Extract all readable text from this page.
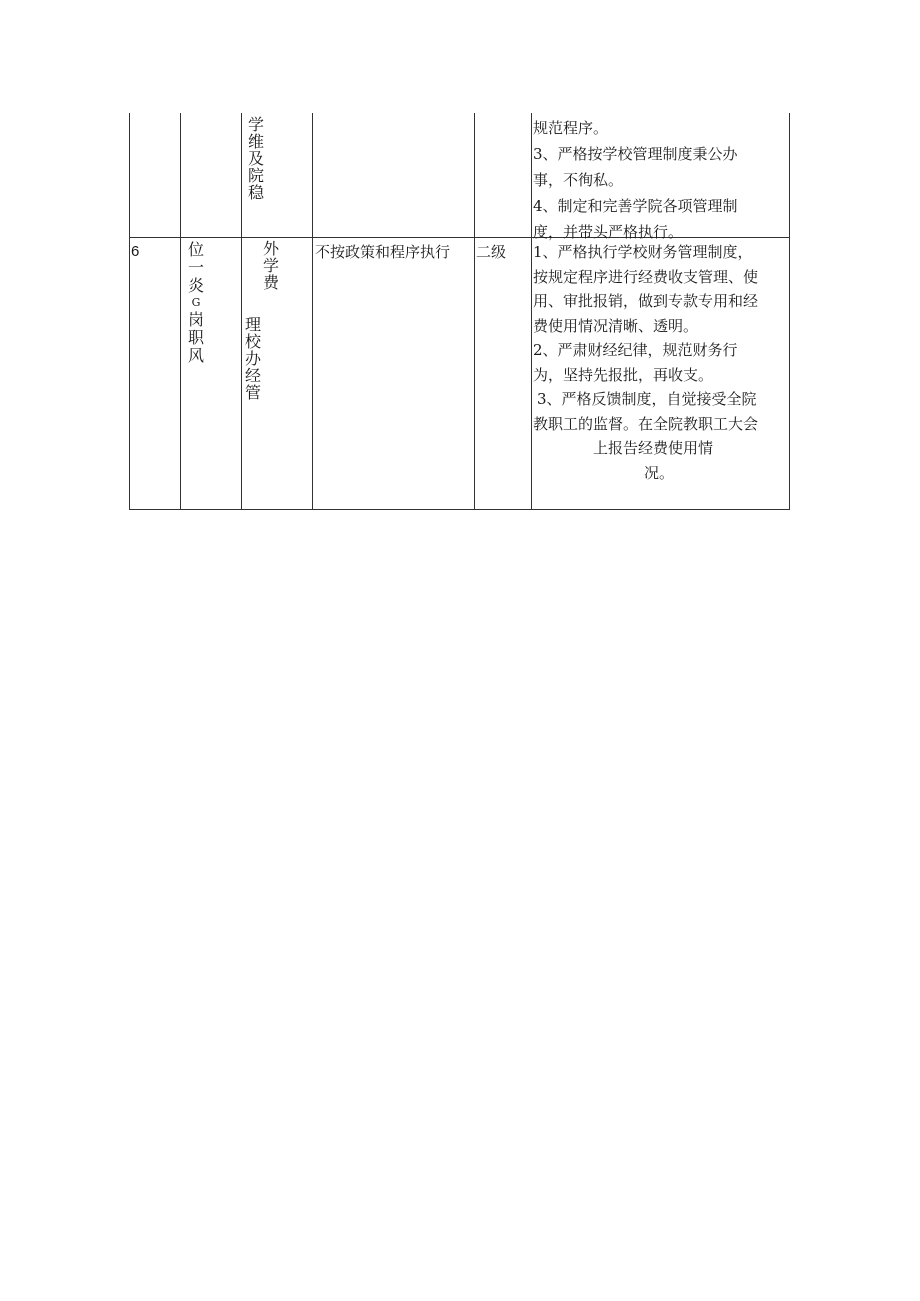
学
维
及
院
稳
规范程序。
3、严格按学校管理制度秉公办
事，不徇私。
4、制定和完善学院各项管理制
度，并带头严格执行。
6	位
一
炎
G
岗
职
风
外
学
费
理
校
办
经
管
不按政策和程序执行 二级 1、严格执行学校财务管理制度，
按规定程序进行经费收支管理、使
用、审批报销，做到专款专用和经
费使用情况清晰、透明。
2、严肃财经纪律，规范财务行
为，坚持先报批，再收支。
3、严格反馈制度，自觉接受全院
教职工的监督。在全院教职工大会
上报告经费使用情
况。
